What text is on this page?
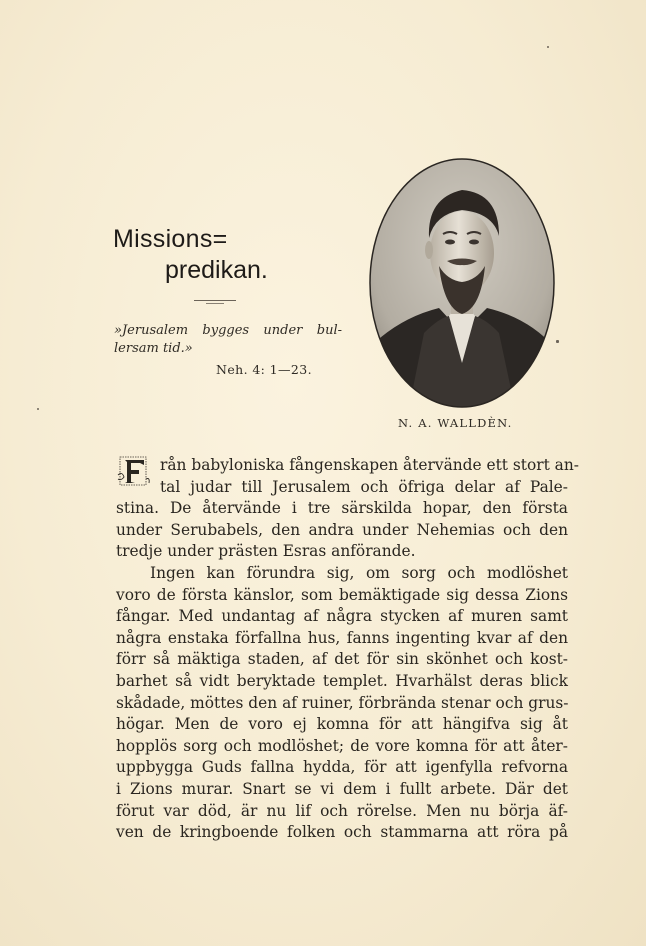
Missions=
predikan.
»Jerusalem bygges under bul-
lersam tid.»
Neh. 4: 1—23.
N. A. WALLDÈN.
rån babyloniska fångenskapen återvände ett stort an-
tal judar till Jerusalem och öfriga delar af Pale-
stina. De återvände i tre särskilda hopar, den första
under Serubabels, den andra under Nehemias och den
tredje under prästen Esras anförande.
Ingen kan förundra sig, om sorg och modlöshet
voro de första känslor, som bemäktigade sig dessa Zions
fångar. Med undantag af några stycken af muren samt
några enstaka förfallna hus, fanns ingenting kvar af den
förr så mäktiga staden, af det för sin skönhet och kost-
barhet så vidt beryktade templet. Hvarhälst deras blick
skådade, möttes den af ruiner, förbrända stenar och grus-
högar. Men de voro ej komna för att hängifva sig åt
hopplös sorg och modlöshet; de vore komna för att åter-
uppbygga Guds fallna hydda, för att igenfylla refvorna
i Zions murar. Snart se vi dem i fullt arbete. Där det
förut var död, är nu lif och rörelse. Men nu börja äf-
ven de kringboende folken och stammarna att röra på
